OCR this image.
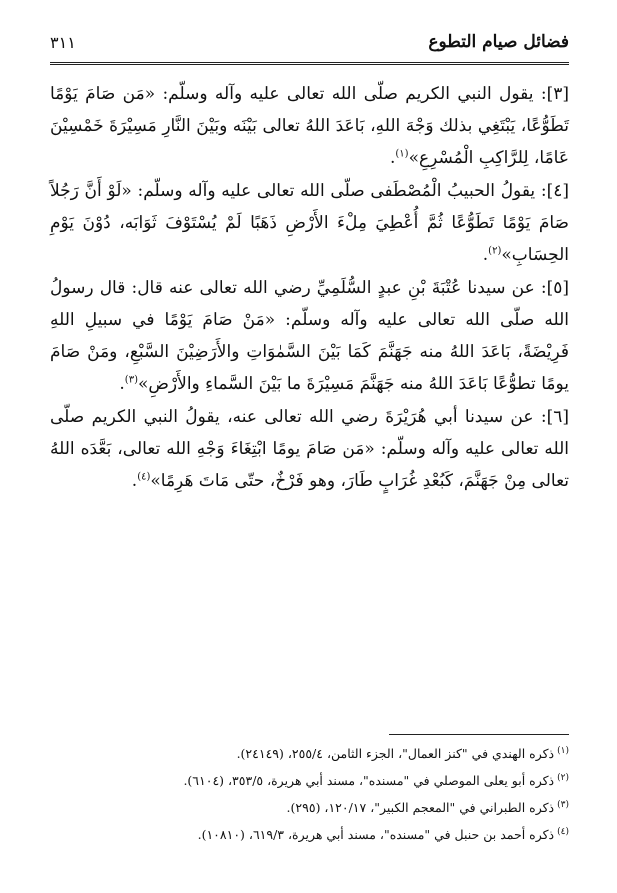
فضائل صيام التطوع
٣١١

[٣]: يقول النبي الكريم صلّى الله تعالى عليه وآله وسلّم: «مَن صَامَ يَوْمًا تَطَوُّعًا، يَبْتَغِي بذلك وَجْهَ اللهِ، بَاعَدَ اللهُ تعالى بَيْنَه وبَيْنَ النَّارِ مَسِيْرَةَ خَمْسِيْنَ عَامًا، لِلرَّاكِبِ الْمُسْرِعِ»$^{(١)}$.

[٤]: يقولُ الحبيبُ الْمُصْطَفى صلّى الله تعالى عليه وآله وسلّم: «لَوْ أَنَّ رَجُلاً صَامَ يَوْمًا تَطَوُّعًا ثُمَّ أُعْطِيَ مِلْءَ الأَرْضِ ذَهَبًا لَمْ يُسْتَوْفَ ثَوَابَه، دُوْنَ يَوْمِ الحِسَابِ»$^{(٢)}$.

[٥]: عن سيدنا عُتْبَةَ بْنِ عبدٍ السُّلَمِيِّ رضي الله تعالى عنه قال: قال رسولُ الله صلّى الله تعالى عليه وآله وسلّم: «مَنْ صَامَ يَوْمًا في سبيلِ اللهِ فَرِيْضَةً، بَاعَدَ اللهُ منه جَهَنَّمَ كَمَا بَيْنَ السَّمٰوَاتِ والأَرَضِيْنَ السَّبْعِ، ومَنْ صَامَ يومًا تطوُّعًا بَاعَدَ اللهُ منه جَهَنَّمَ مَسِيْرَةَ ما بَيْنَ السَّماءِ والأَرْضِ»$^{(٣)}$.

[٦]: عن سيدنا أبي هُرَيْرَةَ رضي الله تعالى عنه، يقولُ النبي الكريم صلّى الله تعالى عليه وآله وسلّم: «مَن صَامَ يومًا ابْتِغَاءَ وَجْهِ الله تعالى، بَعَّدَه اللهُ تعالى مِنْ جَهَنَّمَ، كَبُعْدِ غُرَابٍ طَارَ، وهو فَرْخٌ، حتّى مَاتَ هَرِمًا»$^{(٤)}$.

$^{(١)}$ذكره الهندي في "كنز العمال"، الجزء الثامن، ٢٥٥/٤، (٢٤١٤٩).

$^{(٢)}$ذكره أبو يعلى الموصلي في "مسنده"، مسند أبي هريرة، ٣٥٣/٥، (٦١٠٤).

$^{(٣)}$ذكره الطبراني في "المعجم الكبير"، ١٢٠/١٧، (٢٩٥).

$^{(٤)}$ذكره أحمد بن حنبل في "مسنده"، مسند أبي هريرة، ٦١٩/٣، (١٠٨١٠).
